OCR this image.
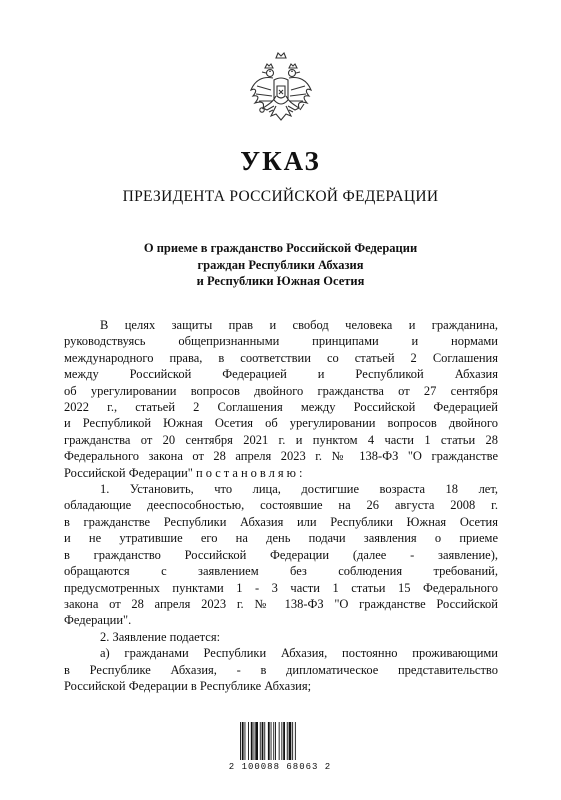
УКАЗ
ПРЕЗИДЕНТА РОССИЙСКОЙ ФЕДЕРАЦИИ
О приеме в гражданство Российской Федерации
граждан Республики Абхазия
и Республики Южная Осетия
В целях защиты прав и свобод человека и гражданина,
руководствуясь общепризнанными принципами и нормами
международного права, в соответствии со статьей 2 Соглашения
между Российской Федерацией и Республикой Абхазия
об урегулировании вопросов двойного гражданства от 27 сентября
2022 г., статьей 2 Соглашения между Российской Федерацией
и Республикой Южная Осетия об урегулировании вопросов двойного
гражданства от 20 сентября 2021 г. и пунктом 4 части 1 статьи 28
Федерального закона от 28 апреля 2023 г. № 138-ФЗ "О гражданстве
Российской Федерации" постановляю:
1. Установить, что лица, достигшие возраста 18 лет,
обладающие дееспособностью, состоявшие на 26 августа 2008 г.
в гражданстве Республики Абхазия или Республики Южная Осетия
и не утратившие его на день подачи заявления о приеме
в гражданство Российской Федерации (далее - заявление),
обращаются с заявлением без соблюдения требований,
предусмотренных пунктами 1 - 3 части 1 статьи 15 Федерального
закона от 28 апреля 2023 г. № 138-ФЗ "О гражданстве Российской
Федерации".
2. Заявление подается:
а) гражданами Республики Абхазия, постоянно проживающими
в Республике Абхазия, - в дипломатическое представительство
Российской Федерации в Республике Абхазия;
2 100088 68063 2
